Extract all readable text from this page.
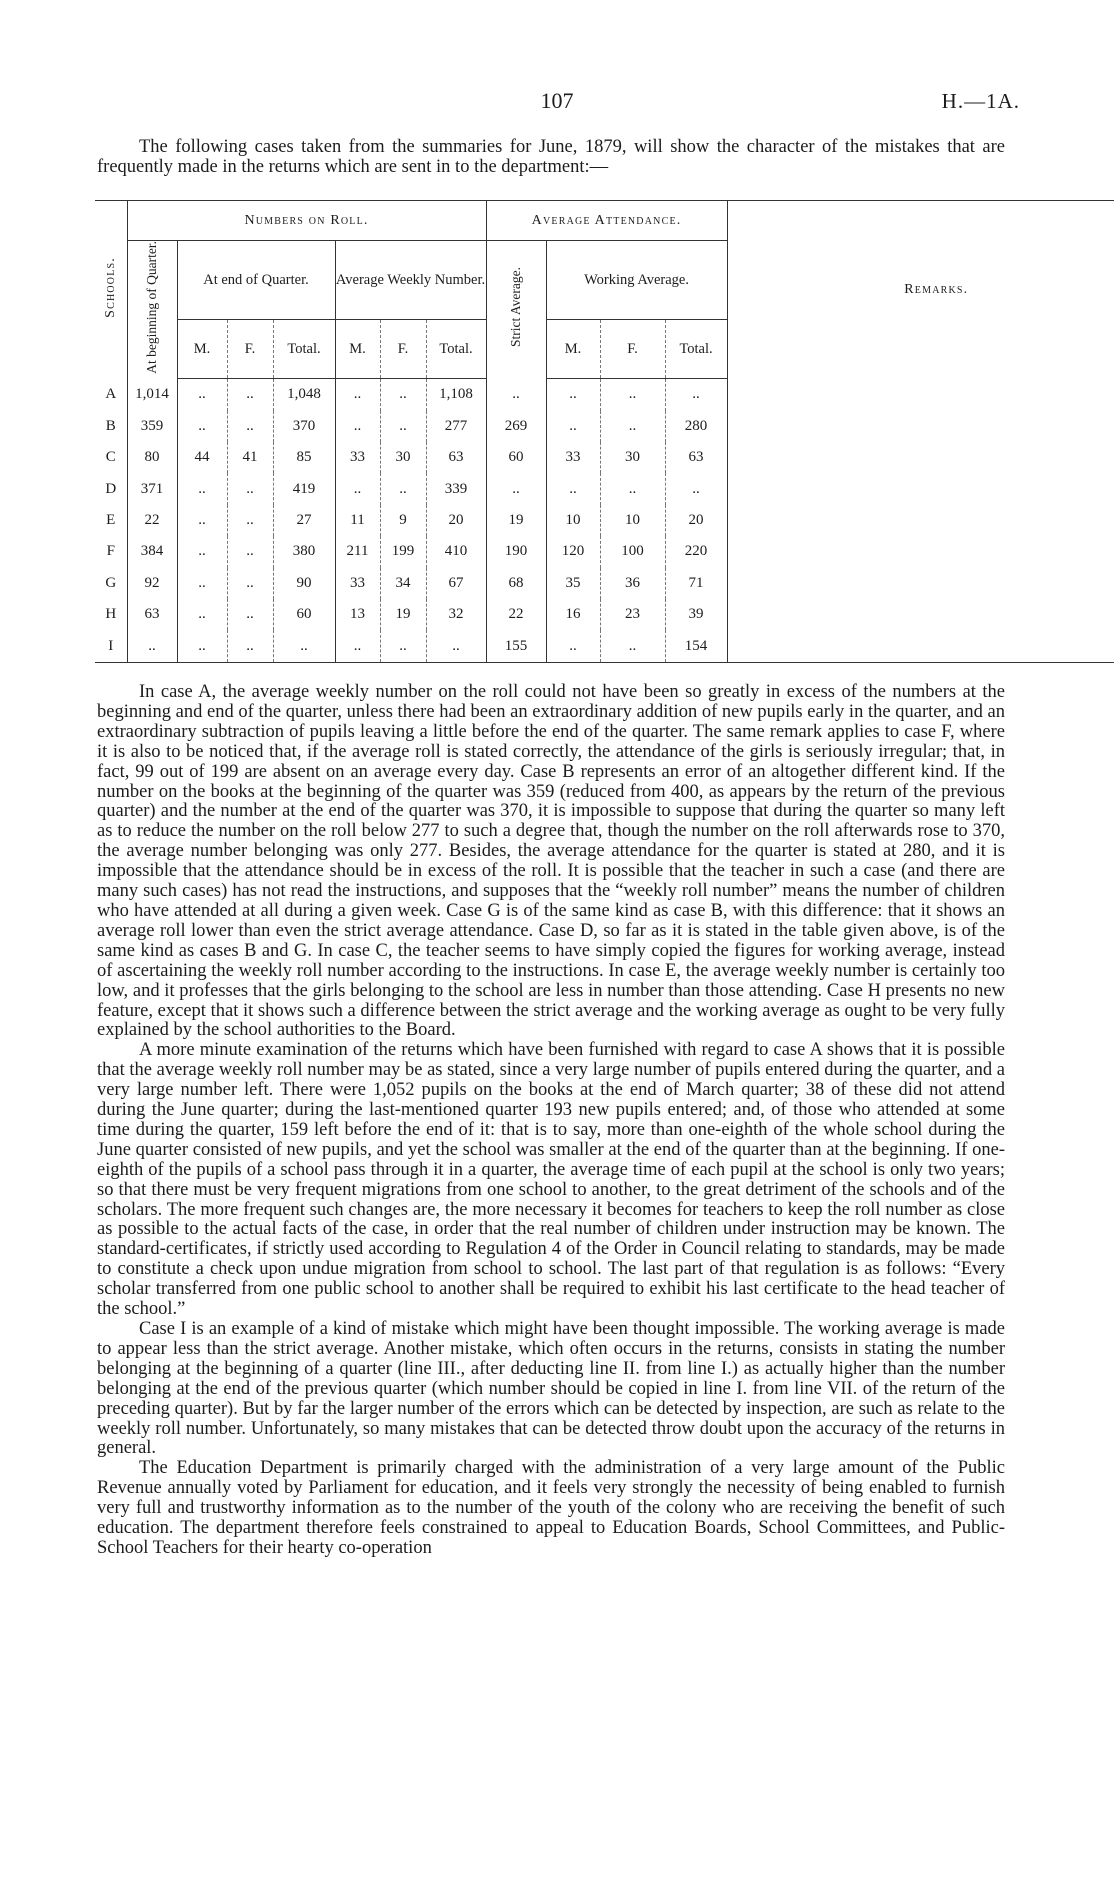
107	H.—1A.

The following cases taken from the summaries for June, 1879, will show the character of the mistakes that are frequently made in the returns which are sent in to the department:—

Schools.	Numbers on Roll.							Average Attendance.				Remarks.
	At beginning of Quarter.	At end of Quarter.			Average Weekly Number.			Strict Average.	Working Average.			
		M.	F.	Total.	M.	F.	Total.		M.	F.	Total.	
A	1,014	..	..	1,048	..	..	1,108	..	..	..	..	
B	359	..	..	370	..	..	277	269	..	..	280	
C	80	44	41	85	33	30	63	60	33	30	63	
D	371	..	..	419	..	..	339	..	..	..	..	
E	22	..	..	27	11	9	20	19	10	10	20	
F	384	..	..	380	211	199	410	190	120	100	220	
G	92	..	..	90	33	34	67	68	35	36	71	
H	63	..	..	60	13	19	32	22	16	23	39	
I	..	..	..	..	..	..	..	155	..	..	154	

In case A, the average weekly number on the roll could not have been so greatly in excess of the numbers at the beginning and end of the quarter, unless there had been an extraordinary addition of new pupils early in the quarter, and an extraordinary subtraction of pupils leaving a little before the end of the quarter. The same remark applies to case F, where it is also to be noticed that, if the average roll is stated correctly, the attendance of the girls is seriously irregular; that, in fact, 99 out of 199 are absent on an average every day. Case B represents an error of an altogether different kind. If the number on the books at the beginning of the quarter was 359 (reduced from 400, as appears by the return of the previous quarter) and the number at the end of the quarter was 370, it is impossible to suppose that during the quarter so many left as to reduce the number on the roll below 277 to such a degree that, though the number on the roll afterwards rose to 370, the average number belonging was only 277. Besides, the average attendance for the quarter is stated at 280, and it is impossible that the attendance should be in excess of the roll. It is possible that the teacher in such a case (and there are many such cases) has not read the instructions, and supposes that the “weekly roll number” means the number of children who have attended at all during a given week. Case G is of the same kind as case B, with this difference: that it shows an average roll lower than even the strict average attendance. Case D, so far as it is stated in the table given above, is of the same kind as cases B and G. In case C, the teacher seems to have simply copied the figures for working average, instead of ascertaining the weekly roll number according to the instructions. In case E, the average weekly number is certainly too low, and it professes that the girls belonging to the school are less in number than those attending. Case H presents no new feature, except that it shows such a difference between the strict average and the working average as ought to be very fully explained by the school authorities to the Board.

A more minute examination of the returns which have been furnished with regard to case A shows that it is possible that the average weekly roll number may be as stated, since a very large number of pupils entered during the quarter, and a very large number left. There were 1,052 pupils on the books at the end of March quarter; 38 of these did not attend during the June quarter; during the last-mentioned quarter 193 new pupils entered; and, of those who attended at some time during the quarter, 159 left before the end of it: that is to say, more than one-eighth of the whole school during the June quarter consisted of new pupils, and yet the school was smaller at the end of the quarter than at the beginning. If one-eighth of the pupils of a school pass through it in a quarter, the average time of each pupil at the school is only two years; so that there must be very frequent migrations from one school to another, to the great detriment of the schools and of the scholars. The more frequent such changes are, the more necessary it becomes for teachers to keep the roll number as close as possible to the actual facts of the case, in order that the real number of children under instruction may be known. The standard-certificates, if strictly used according to Regulation 4 of the Order in Council relating to standards, may be made to constitute a check upon undue migration from school to school. The last part of that regulation is as follows: “Every scholar transferred from one public school to another shall be required to exhibit his last certificate to the head teacher of the school.”

Case I is an example of a kind of mistake which might have been thought impossible. The working average is made to appear less than the strict average. Another mistake, which often occurs in the returns, consists in stating the number belonging at the beginning of a quarter (line III., after deducting line II. from line I.) as actually higher than the number belonging at the end of the previous quarter (which number should be copied in line I. from line VII. of the return of the preceding quarter). But by far the larger number of the errors which can be detected by inspection, are such as relate to the weekly roll number. Unfortunately, so many mistakes that can be detected throw doubt upon the accuracy of the returns in general.

The Education Department is primarily charged with the administration of a very large amount of the Public Revenue annually voted by Parliament for education, and it feels very strongly the necessity of being enabled to furnish very full and trustworthy information as to the number of the youth of the colony who are receiving the benefit of such education. The department therefore feels constrained to appeal to Education Boards, School Committees, and Public-School Teachers for their hearty co-operation
